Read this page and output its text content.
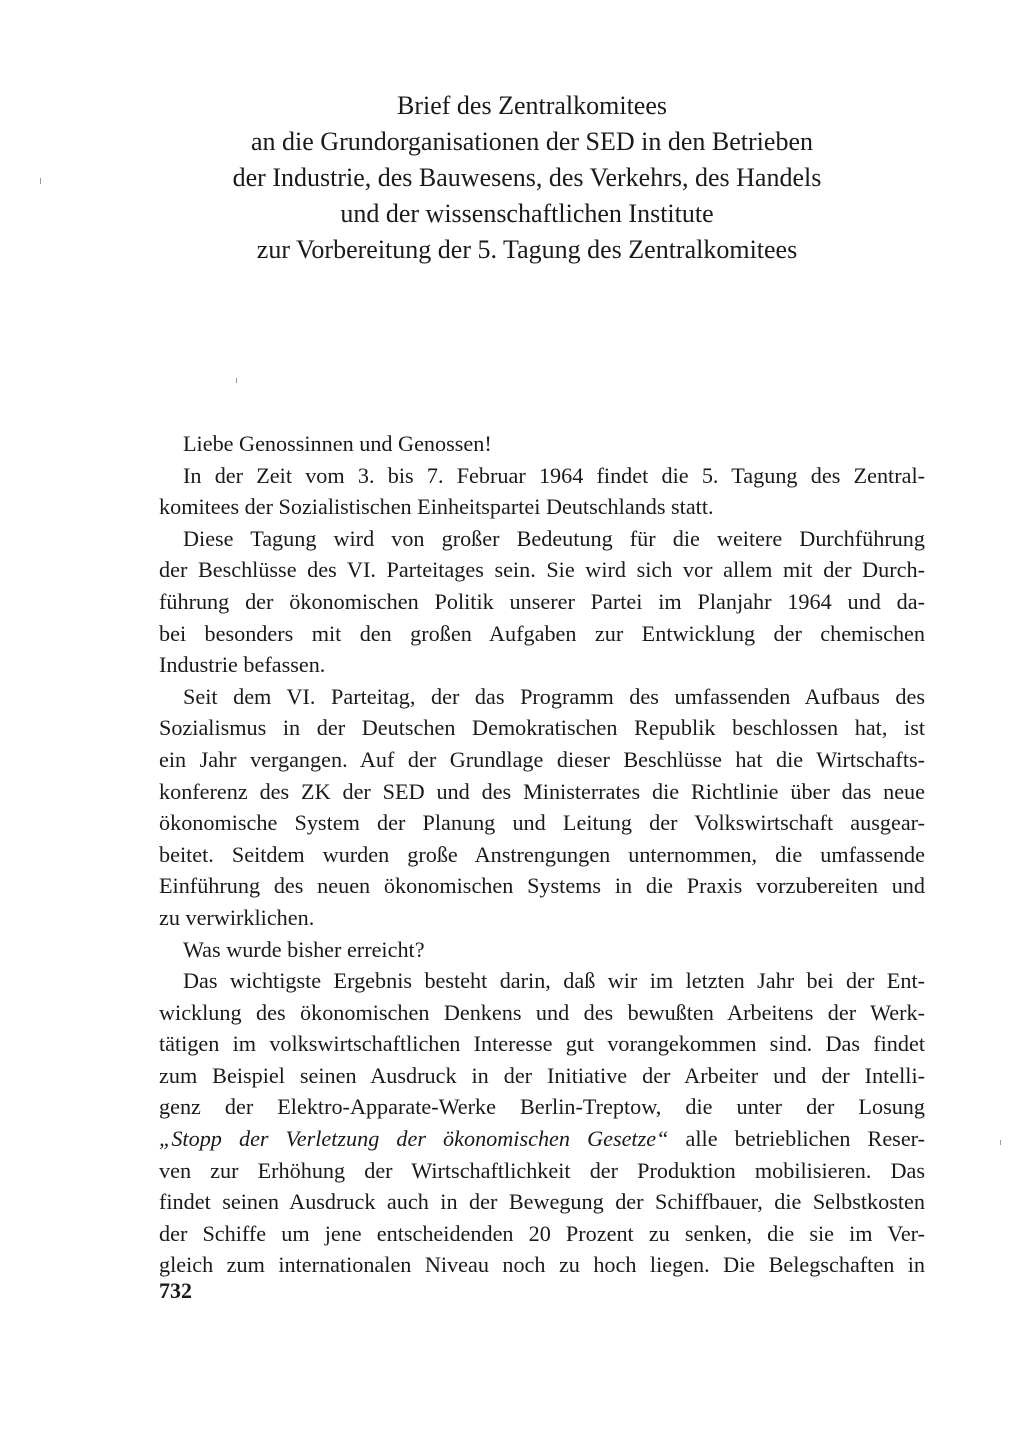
Brief des Zentralkomitees
an die Grundorganisationen der SED in den Betrieben
der Industrie, des Bauwesens, des Verkehrs, des Handels
und der wissenschaftlichen Institute
zur Vorbereitung der 5. Tagung des Zentralkomitees
Liebe Genossinnen und Genossen!
In der Zeit vom 3. bis 7. Februar 1964 findet die 5. Tagung des Zentral-
komitees der Sozialistischen Einheitspartei Deutschlands statt.
Diese Tagung wird von großer Bedeutung für die weitere Durchführung
der Beschlüsse des VI. Parteitages sein. Sie wird sich vor allem mit der Durch-
führung der ökonomischen Politik unserer Partei im Planjahr 1964 und da-
bei besonders mit den großen Aufgaben zur Entwicklung der chemischen
Industrie befassen.
Seit dem VI. Parteitag, der das Programm des umfassenden Aufbaus des
Sozialismus in der Deutschen Demokratischen Republik beschlossen hat, ist
ein Jahr vergangen. Auf der Grundlage dieser Beschlüsse hat die Wirtschafts-
konferenz des ZK der SED und des Ministerrates die Richtlinie über das neue
ökonomische System der Planung und Leitung der Volkswirtschaft ausgear-
beitet. Seitdem wurden große Anstrengungen unternommen, die umfassende
Einführung des neuen ökonomischen Systems in die Praxis vorzubereiten und
zu verwirklichen.
Was wurde bisher erreicht?
Das wichtigste Ergebnis besteht darin, daß wir im letzten Jahr bei der Ent-
wicklung des ökonomischen Denkens und des bewußten Arbeitens der Werk-
tätigen im volkswirtschaftlichen Interesse gut vorangekommen sind. Das findet
zum Beispiel seinen Ausdruck in der Initiative der Arbeiter und der Intelli-
genz der Elektro-Apparate-Werke Berlin-Treptow, die unter der Losung
„Stopp der Verletzung der ökonomischen Gesetze“ alle betrieblichen Reser-
ven zur Erhöhung der Wirtschaftlichkeit der Produktion mobilisieren. Das
findet seinen Ausdruck auch in der Bewegung der Schiffbauer, die Selbstkosten
der Schiffe um jene entscheidenden 20 Prozent zu senken, die sie im Ver-
gleich zum internationalen Niveau noch zu hoch liegen. Die Belegschaften in
732
